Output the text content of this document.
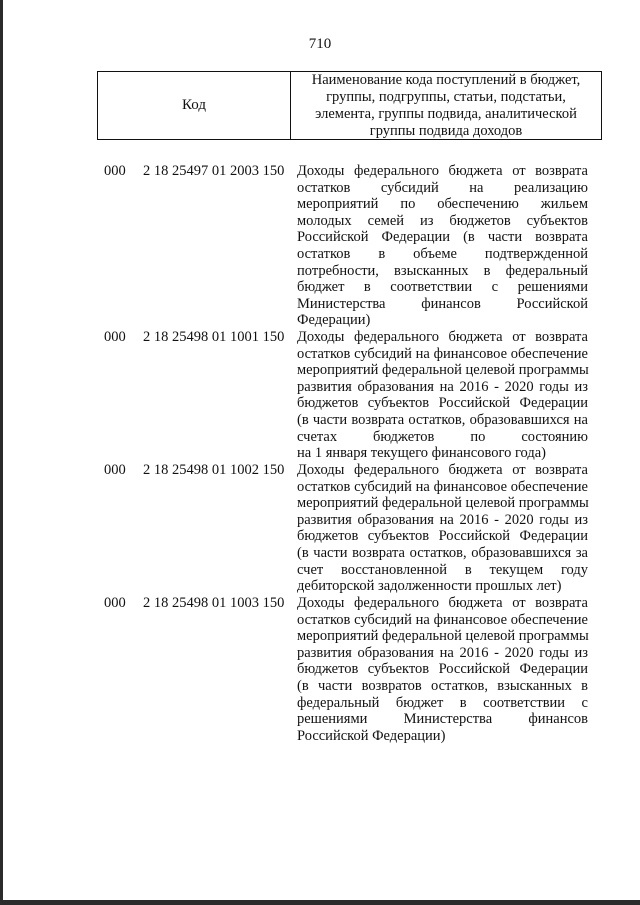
710
Код
Наименование кода поступлений в бюджет, группы, подгруппы, статьи, подстатьи, элемента, группы подвида, аналитической группы подвида доходов
000 2 18 25497 01 2003 150 Доходы федерального бюджета от возврата
остатков субсидий на реализацию
мероприятий по обеспечению жильем
молодых семей из бюджетов субъектов
Российской Федерации (в части возврата
остатков в объеме подтвержденной
потребности, взысканных в федеральный
бюджет в соответствии с решениями
Министерства финансов Российской
Федерации)
000 2 18 25498 01 1001 150 Доходы федерального бюджета от возврата
остатков субсидий на финансовое обеспечение
мероприятий федеральной целевой программы
развития образования на 2016 - 2020 годы из
бюджетов субъектов Российской Федерации
(в части возврата остатков, образовавшихся на
счетах бюджетов по состоянию
на 1 января текущего финансового года)
000 2 18 25498 01 1002 150 Доходы федерального бюджета от возврата
остатков субсидий на финансовое обеспечение
мероприятий федеральной целевой программы
развития образования на 2016 - 2020 годы из
бюджетов субъектов Российской Федерации
(в части возврата остатков, образовавшихся за
счет восстановленной в текущем году
дебиторской задолженности прошлых лет)
000 2 18 25498 01 1003 150 Доходы федерального бюджета от возврата
остатков субсидий на финансовое обеспечение
мероприятий федеральной целевой программы
развития образования на 2016 - 2020 годы из
бюджетов субъектов Российской Федерации
(в части возвратов остатков, взысканных в
федеральный бюджет в соответствии с
решениями Министерства финансов
Российской Федерации)
